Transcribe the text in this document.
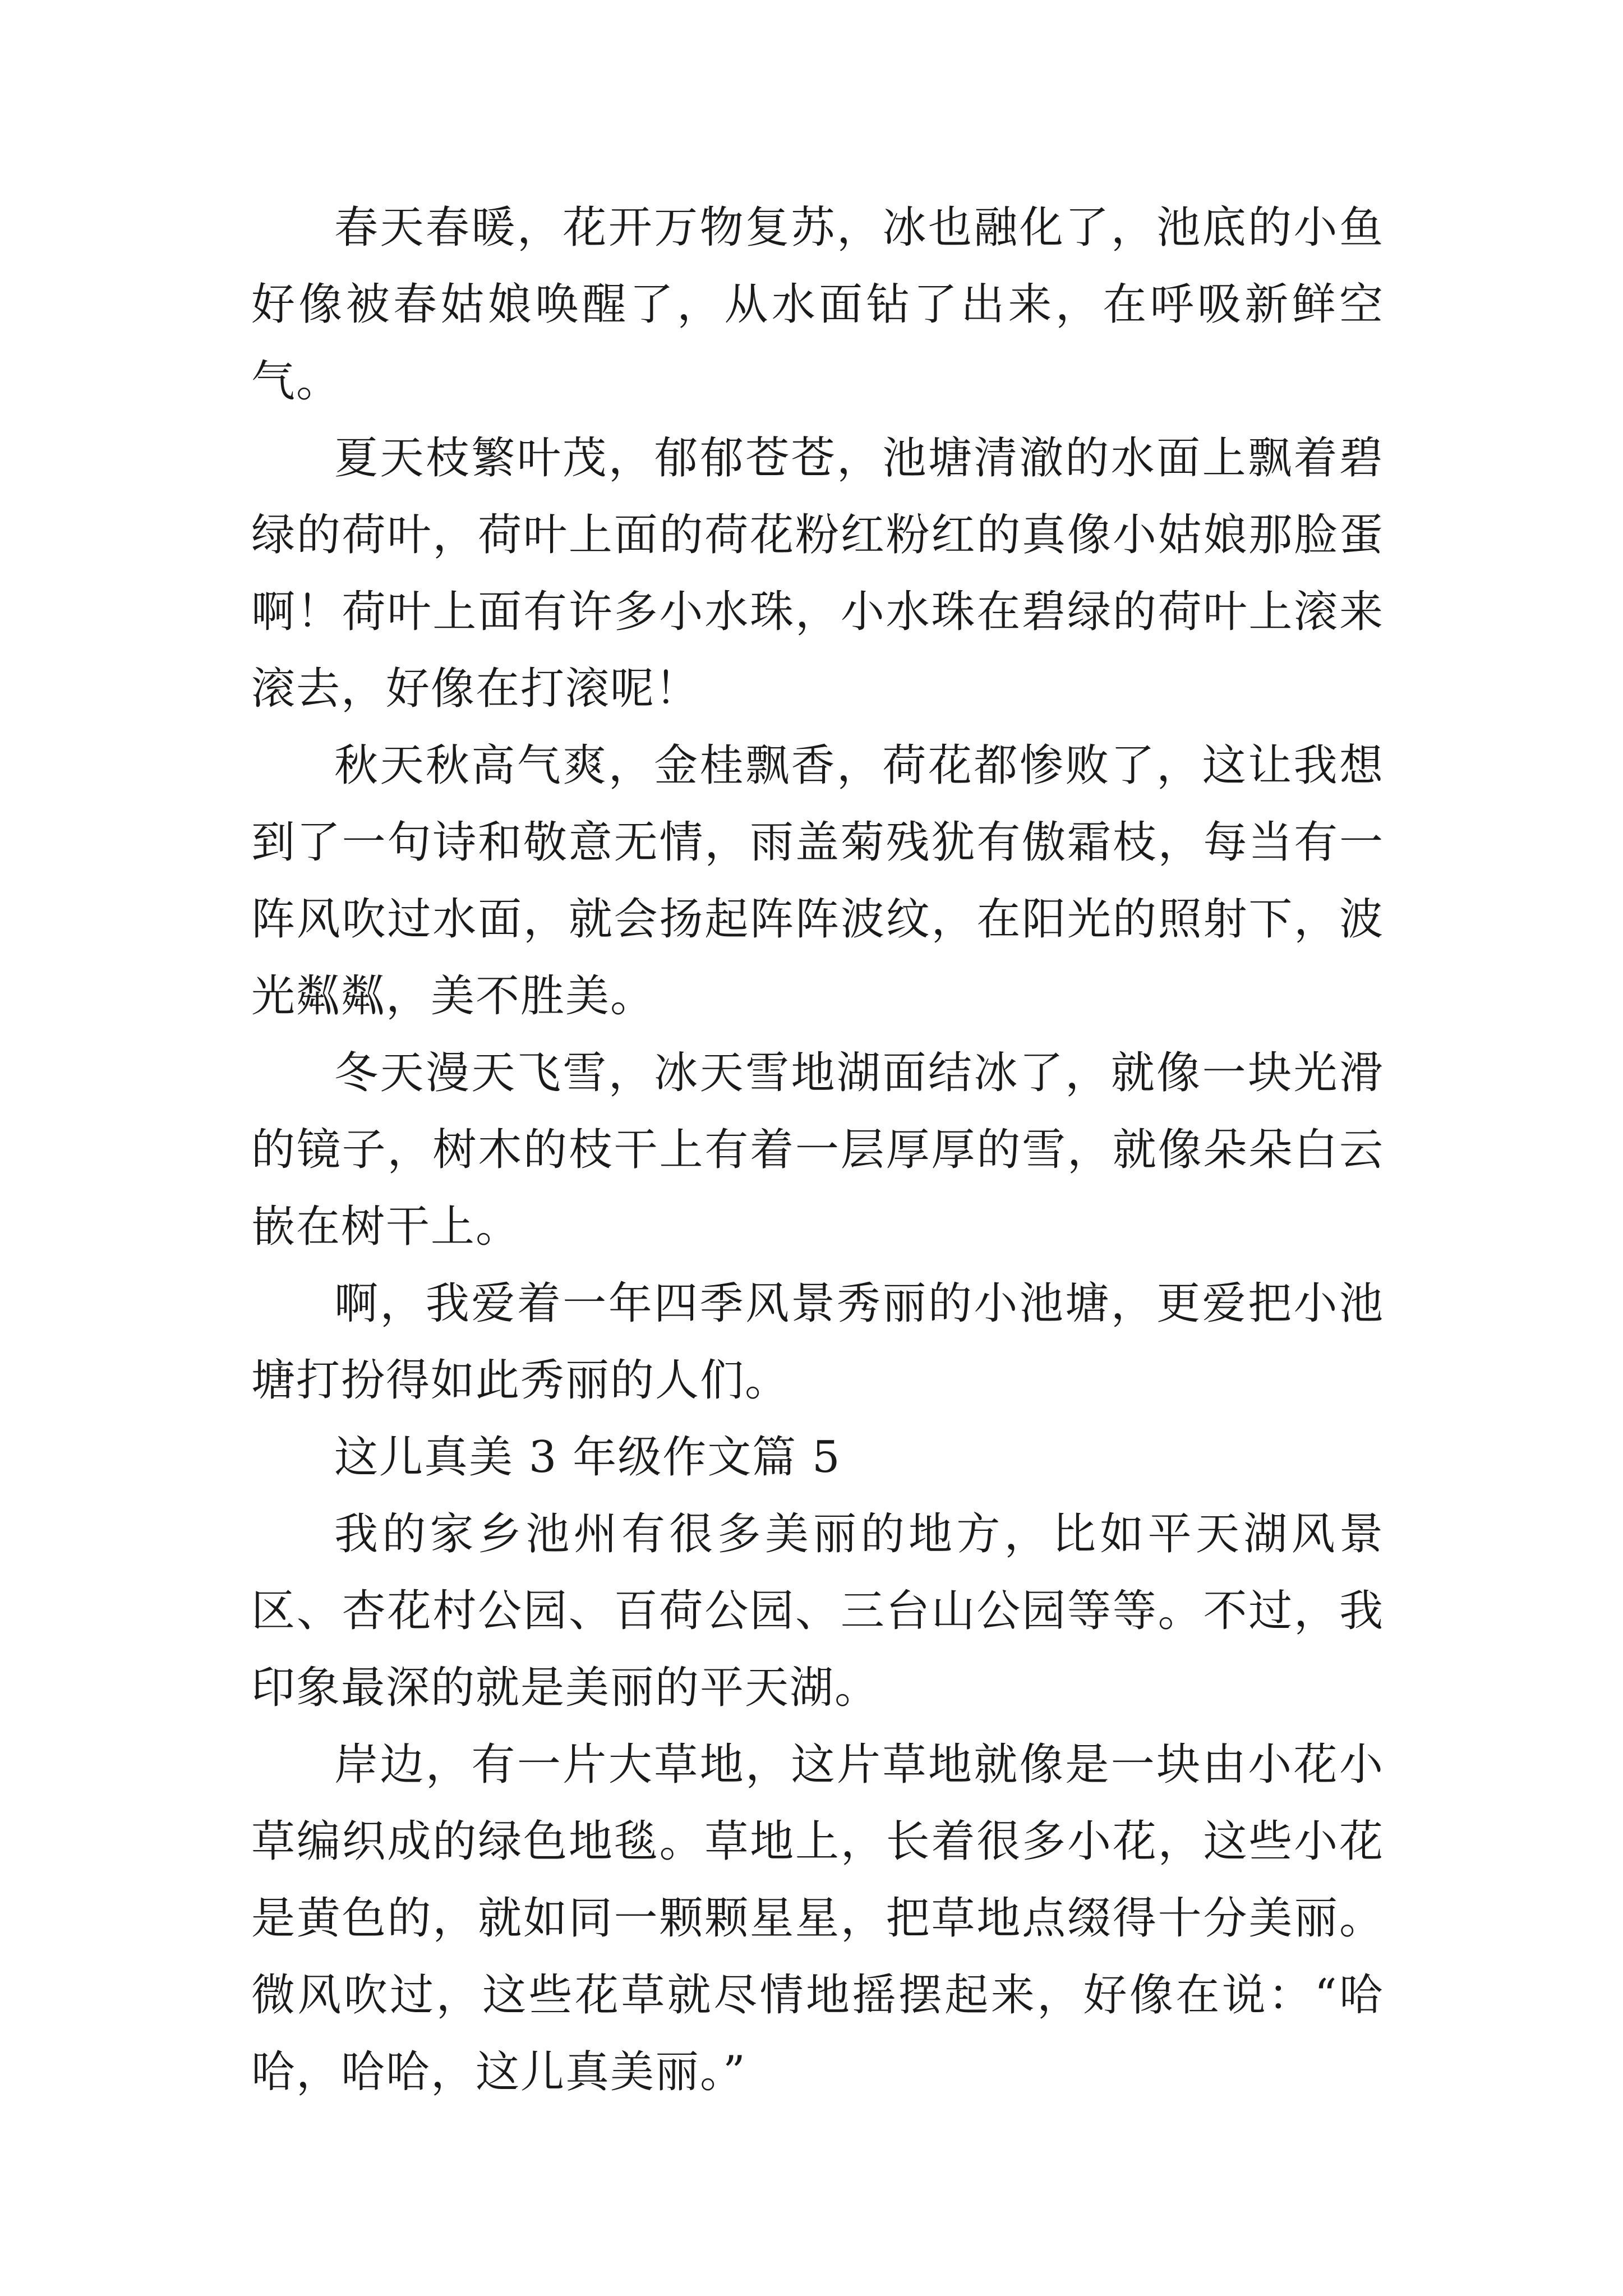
春天春暖，花开万物复苏，冰也融化了，池底的小鱼好像被春姑娘唤醒了，从水面钻了出来，在呼吸新鲜空气。

夏天枝繁叶茂，郁郁苍苍，池塘清澈的水面上飘着碧绿的荷叶，荷叶上面的荷花粉红粉红的真像小姑娘那脸蛋啊！荷叶上面有许多小水珠，小水珠在碧绿的荷叶上滚来滚去，好像在打滚呢！

秋天秋高气爽，金桂飘香，荷花都惨败了，这让我想到了一句诗和敬意无情，雨盖菊残犹有傲霜枝，每当有一阵风吹过水面，就会扬起阵阵波纹，在阳光的照射下，波光粼粼，美不胜美。

冬天漫天飞雪，冰天雪地湖面结冰了，就像一块光滑的镜子，树木的枝干上有着一层厚厚的雪，就像朵朵白云嵌在树干上。

啊，我爱着一年四季风景秀丽的小池塘，更爱把小池塘打扮得如此秀丽的人们。

这儿真美 3 年级作文篇 5

我的家乡池州有很多美丽的地方，比如平天湖风景区、杏花村公园、百荷公园、三台山公园等等。不过，我印象最深的就是美丽的平天湖。

岸边，有一片大草地，这片草地就像是一块由小花小草编织成的绿色地毯。草地上，长着很多小花，这些小花是黄色的，就如同一颗颗星星，把草地点缀得十分美丽。微风吹过，这些花草就尽情地摇摆起来，好像在说：“哈哈，哈哈，这儿真美丽。”
